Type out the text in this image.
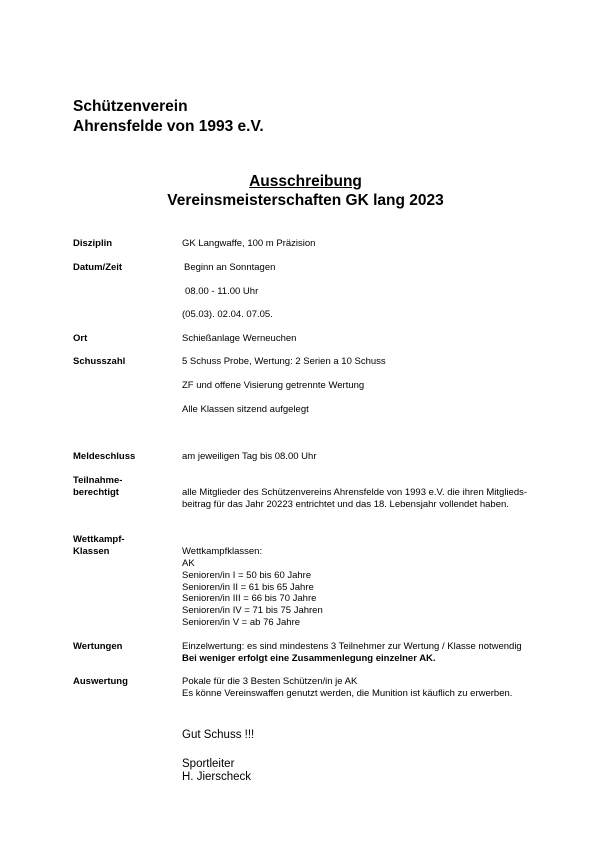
Schützenverein
Ahrensfelde von 1993 e.V.
Ausschreibung
Vereinsmeisterschaften GK lang 2023
Disziplin	GK Langwaffe, 100 m Präzision
Datum/Zeit	Beginn an Sonntagen
08.00 - 11.00 Uhr
(05.03). 02.04. 07.05.
Ort	Schießanlage Werneuchen
Schusszahl	5 Schuss Probe, Wertung: 2 Serien a 10 Schuss
ZF und offene Visierung getrennte Wertung
Alle Klassen sitzend aufgelegt
Meldeschluss	am jeweiligen Tag bis 08.00 Uhr
Teilnahme-
berechtigt	alle Mitglieder des Schützenvereins Ahrensfelde von 1993 e.V. die ihren Mitglieds-
beitrag für das Jahr 20223 entrichtet und das 18. Lebensjahr vollendet haben.
Wettkampf-
Klassen	Wettkampfklassen:
AK
Senioren/in I = 50 bis 60 Jahre
Senioren/in II = 61 bis 65 Jahre
Senioren/in III = 66 bis 70 Jahre
Senioren/in IV = 71 bis 75 Jahren
Senioren/in V = ab 76 Jahre
Wertungen	Einzelwertung: es sind mindestens 3 Teilnehmer zur Wertung / Klasse notwendig
Bei weniger erfolgt eine Zusammenlegung einzelner AK.
Auswertung	Pokale für die 3 Besten Schützen/in je AK
Es könne Vereinswaffen genutzt werden, die Munition ist käuflich zu erwerben.
Gut Schuss !!!
Sportleiter
H. Jierscheck
